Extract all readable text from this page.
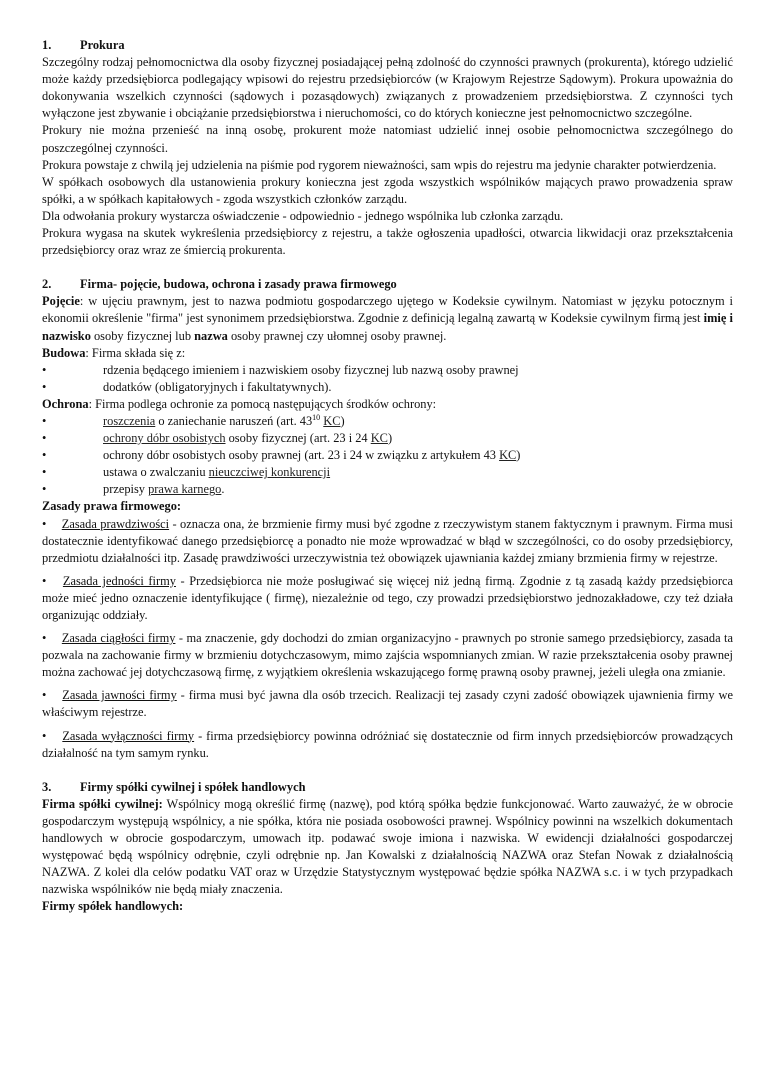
1. Prokura

Szczególny rodzaj pełnomocnictwa dla osoby fizycznej posiadającej pełną zdolność do czynności prawnych (prokurenta), którego udzielić może każdy przedsiębiorca podlegający wpisowi do rejestru przedsiębiorców (w Krajowym Rejestrze Sądowym). Prokura upoważnia do dokonywania wszelkich czynności (sądowych i pozasądowych) związanych z prowadzeniem przedsiębiorstwa. Z czynności tych wyłączone jest zbywanie i obciążanie przedsiębiorstwa i nieruchomości, co do których konieczne jest pełnomocnictwo szczególne.

Prokury nie można przenieść na inną osobę, prokurent może natomiast udzielić innej osobie pełnomocnictwa szczególnego do poszczególnej czynności.

Prokura powstaje z chwilą jej udzielenia na piśmie pod rygorem nieważności, sam wpis do rejestru ma jedynie charakter potwierdzenia.

W spółkach osobowych dla ustanowienia prokury konieczna jest zgoda wszystkich wspólników mających prawo prowadzenia spraw spółki, a w spółkach kapitałowych - zgoda wszystkich członków zarządu.

Dla odwołania prokury wystarcza oświadczenie - odpowiednio - jednego wspólnika lub członka zarządu.

Prokura wygasa na skutek wykreślenia przedsiębiorcy z rejestru, a także ogłoszenia upadłości, otwarcia likwidacji oraz przekształcenia przedsiębiorcy oraz wraz ze śmiercią prokurenta.

2. Firma- pojęcie, budowa, ochrona i zasady prawa firmowego

Pojęcie: w ujęciu prawnym, jest to nazwa podmiotu gospodarczego ujętego w Kodeksie cywilnym. Natomiast w języku potocznym i ekonomii określenie "firma" jest synonimem przedsiębiorstwa. Zgodnie z definicją legalną zawartą w Kodeksie cywilnym firmą jest imię i nazwisko osoby fizycznej lub nazwa osoby prawnej czy ułomnej osoby prawnej.

Budowa: Firma składa się z:

•	rdzenia będącego imieniem i nazwiskiem osoby fizycznej lub nazwą osoby prawnej
•	dodatków (obligatoryjnych i fakultatywnych).

Ochrona: Firma podlega ochronie za pomocą następujących środków ochrony:

•	roszczenia o zaniechanie naruszeń (art. $43^{10}$ KC)
•	ochrony dóbr osobistych osoby fizycznej (art. 23 i 24 KC)
•	ochrony dóbr osobistych osoby prawnej (art. 23 i 24 w związku z artykułem 43 KC)
•	ustawa o zwalczaniu nieuczciwej konkurencji
•	przepisy prawa karnego.

Zasady prawa firmowego:

• Zasada prawdziwości - oznacza ona, że brzmienie firmy musi być zgodne z rzeczywistym stanem faktycznym i prawnym. Firma musi dostatecznie identyfikować danego przedsiębiorcę a ponadto nie może wprowadzać w błąd w szczególności, co do osoby przedsiębiorcy, przedmiotu działalności itp. Zasadę prawdziwości urzeczywistnia też obowiązek ujawniania każdej zmiany brzmienia firmy w rejestrze.

• Zasada jedności firmy - Przedsiębiorca nie może posługiwać się więcej niż jedną firmą. Zgodnie z tą zasadą każdy przedsiębiorca może mieć jedno oznaczenie identyfikujące ( firmę), niezależnie od tego, czy prowadzi przedsiębiorstwo jednozakładowe, czy też działa organizując oddziały.

• Zasada ciągłości firmy - ma znaczenie, gdy dochodzi do zmian organizacyjno - prawnych po stronie samego przedsiębiorcy, zasada ta pozwala na zachowanie firmy w brzmieniu dotychczasowym, mimo zajścia wspomnianych zmian. W razie przekształcenia osoby prawnej można zachować jej dotychczasową firmę, z wyjątkiem określenia wskazującego formę prawną osoby prawnej, jeżeli uległa ona zmianie.

• Zasada jawności firmy - firma musi być jawna dla osób trzecich. Realizacji tej zasady czyni zadość obowiązek ujawnienia firmy we właściwym rejestrze.

• Zasada wyłączności firmy - firma przedsiębiorcy powinna odróżniać się dostatecznie od firm innych przedsiębiorców prowadzących działalność na tym samym rynku.

3. Firmy spółki cywilnej i spółek handlowych

Firma spółki cywilnej: Wspólnicy mogą określić firmę (nazwę), pod którą spółka będzie funkcjonować. Warto zauważyć, że w obrocie gospodarczym występują wspólnicy, a nie spółka, która nie posiada osobowości prawnej. Wspólnicy powinni na wszelkich dokumentach handlowych w obrocie gospodarczym, umowach itp. podawać swoje imiona i nazwiska. W ewidencji działalności gospodarczej występować będą wspólnicy odrębnie, czyli odrębnie np. Jan Kowalski z działalnością NAZWA oraz Stefan Nowak z działalnością NAZWA. Z kolei dla celów podatku VAT oraz w Urzędzie Statystycznym występować będzie spółka NAZWA s.c. i w tych przypadkach nazwiska wspólników nie będą miały znaczenia.

Firmy spółek handlowych:
